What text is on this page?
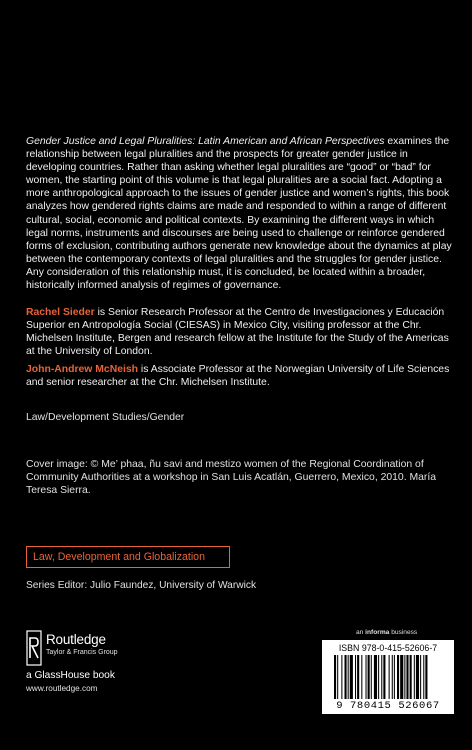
Gender Justice and Legal Pluralities: Latin American and African Perspectives examines the relationship between legal pluralities and the prospects for greater gender justice in developing countries. Rather than asking whether legal pluralities are “good” or “bad” for women, the starting point of this volume is that legal pluralities are a social fact. Adopting a more anthropological approach to the issues of gender justice and women’s rights, this book analyzes how gendered rights claims are made and responded to within a range of different cultural, social, economic and political contexts. By examining the different ways in which legal norms, instruments and discourses are being used to challenge or reinforce gendered forms of exclusion, contributing authors generate new knowledge about the dynamics at play between the contemporary contexts of legal pluralities and the struggles for gender justice. Any consideration of this relationship must, it is concluded, be located within a broader, historically informed analysis of regimes of governance.

Rachel Sieder is Senior Research Professor at the Centro de Investigaciones y Educación Superior en Antropología Social (CIESAS) in Mexico City, visiting professor at the Chr. Michelsen Institute, Bergen and research fellow at the Institute for the Study of the Americas at the University of London.

John-Andrew McNeish is Associate Professor at the Norwegian University of Life Sciences and senior researcher at the Chr. Michelsen Institute.

Law/Development Studies/Gender

Cover image: © Me’ phaa, ñu savi and mestizo women of the Regional Coordination of Community Authorities at a workshop in San Luis Acatlán, Guerrero, Mexico, 2010. María Teresa Sierra.

Law, Development and Globalization

Series Editor: Julio Faundez, University of Warwick

Routledge
Taylor & Francis Group
a GlassHouse book
www.routledge.com
an informa business
ISBN 978-0-415-52606-7
9 780415 526067
